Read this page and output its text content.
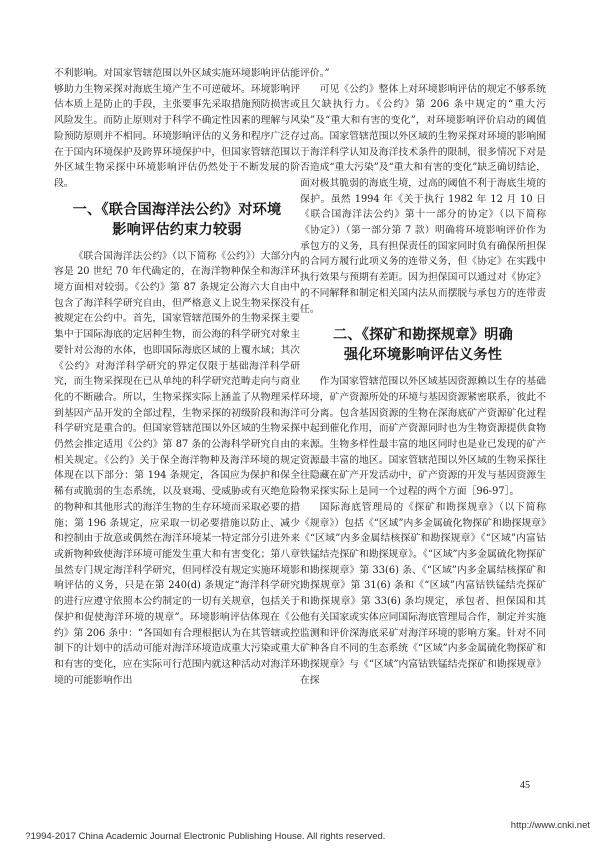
不利影响。对国家管辖范围以外区域实施环境影响评估能够助力生物采探对海底生境产生不可逆破坏。环境影响评估本质上是防止的手段，主张要事先采取措施预防损害或风险发生。而防止原则对于科学不确定性因素的理解与风险预防原则并不相同。环境影响评估的义务和程序广泛存在于国内环境保护及跨界环境保护中，但国家管辖范围以外区域生物采探中环境影响评估仍然处于不断发展的阶段。

一、《联合国海洋法公约》对环境
影响评估约束力较弱

《联合国海洋法公约》（以下简称《公约》）大部分内容是 20 世纪 70 年代确定的，在海洋物种保全和海洋环境方面相对较弱。《公约》第 87 条规定公海六大自由中包含了海洋科学研究自由，但严格意义上说生物采探没有被规定在公约中。首先，国家管辖范围外的生物采探主要集中于国际海底的定居种生物，而公海的科学研究对象主要针对公海的水体，也即国际海底区域的上覆水域；其次《公约》对海洋科学研究的界定仅限于基础海洋科学研究，而生物采探现在已从单纯的科学研究范畴走向与商业化的不断融合。所以，生物采探实际上涵盖了从物理采样到基因产品开发的全部过程，生物采探的初级阶段和海洋科学研究是重合的。但国家管辖范围以外区域的生物采探仍然会推定适用《公约》第 87 条的公海科学研究自由的相关规定。《公约》关于保全海洋物种及海洋环境的规定体现在以下部分：第 194 条规定，各国应为保护和保全稀有或脆弱的生态系统，以及衰竭、受威胁或有灭绝危险的物种和其他形式的海洋生物的生存环境而采取必要的措施；第 196 条规定，应采取一切必要措施以防止、减少和控制由于故意或偶然在海洋环境某一特定部分引进外来或新物种致使海洋环境可能发生重大和有害变化；第八章虽然专门规定海洋科学研究，但同样没有规定实施环境影响评估的义务，只是在第 240(d) 条规定“海洋科学研究的进行应遵守依照本公约制定的一切有关规章，包括关于保护和促使海洋环境的规章”。环境影响评估体现在《公约》第 206 条中：“各国如有合理根据认为在其管辖或控制下的计划中的活动可能对海洋环境造成重大污染或重大和有害的变化，应在实际可行范围内就这种活动对海洋环境的可能影响作出

评价。”

可见《公约》整体上对环境影响评估的规定不够系统且欠缺执行力。《公约》第 206 条中规定的“重大污染”及“重大和有害的变化”，对环境影响评价启动的阈值过高。国家管辖范围以外区域的生物采探对环境的影响囿于海洋科学认知及海洋技术条件的限制，很多情况下对是否造成“重大污染”及“重大和有害的变化”缺乏确切结论，面对极其脆弱的海底生境，过高的阈值不利于海底生境的保护。虽然 1994 年《关于执行 1982 年 12 月 10 日《联合国海洋法公约》第十一部分的协定》（以下简称《协定》）（第一部分第 7 款）明确将环境影响评价作为承包方的义务，具有担保责任的国家同时负有确保所担保的合同方履行此项义务的连带义务，但《协定》在实践中执行效果与预期有差距。因为担保国可以通过对《协定》的不同解释和制定相关国内法从而摆脱与承包方的连带责任。

二、《探矿和勘探规章》明确
强化环境影响评估义务性

作为国家管辖范围以外区域基因资源赖以生存的基础环境，矿产资源所处的环境与基因资源紧密联系，彼此不可分离。包含基因资源的生物在深海底矿产资源矿化过程中起到催化作用，而矿产资源同时也为生物资源提供食物来源。生物多样性最丰富的地区同时也是业已发现的矿产资源最丰富的地区。国家管辖范围以外区域的生物采探往往隐藏在矿产开发活动中，矿产资源的开发与基因资源生物采探实际上是同一个过程的两个方面［96-97］。

国际海底管理局的《探矿和勘探规章》（以下简称《规章》）包括《“区域”内多金属硫化物探矿和勘探规章》《“区域”内多金属结核探矿和勘探规章》《“区域”内富钴铁锰结壳探矿和勘探规章》。《“区域”内多金属硫化物探矿和勘探规章》第 33(6) 条、《“区域”内多金属结核探矿和勘探规章》第 31(6) 条和《“区域”内富钴铁锰结壳探矿和勘探规章》第 33(6) 条均规定，承包者、担保国和其他有关国家或实体应同国际海底管理局合作，制定并实施监测和评价深海底采矿对海洋环境的影响方案。针对不同矿种各自不同的生态系统《“区域”内多金属硫化物探矿和勘探规章》与《“区域”内富钴铁锰结壳探矿和勘探规章》在探

45

?1994-2017 China Academic Journal Electronic Publishing House. All rights reserved.

http://www.cnki.net
